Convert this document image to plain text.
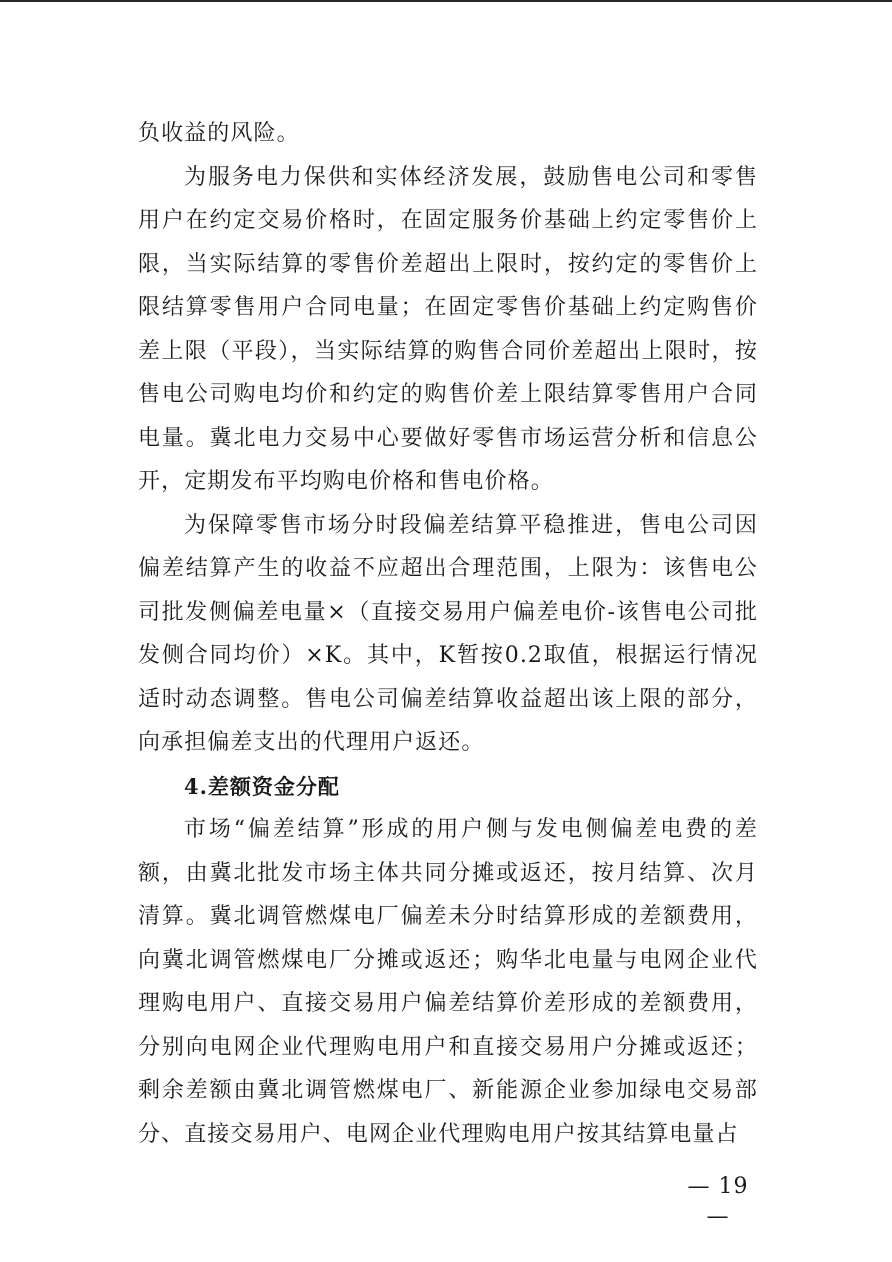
负收益的风险。

为服务电力保供和实体经济发展，鼓励售电公司和零售用户在约定交易价格时，在固定服务价基础上约定零售价上限，当实际结算的零售价差超出上限时，按约定的零售价上限结算零售用户合同电量；在固定零售价基础上约定购售价差上限（平段），当实际结算的购售合同价差超出上限时，按售电公司购电均价和约定的购售价差上限结算零售用户合同电量。冀北电力交易中心要做好零售市场运营分析和信息公开，定期发布平均购电价格和售电价格。

为保障零售市场分时段偏差结算平稳推进，售电公司因偏差结算产生的收益不应超出合理范围，上限为：该售电公司批发侧偏差电量×（直接交易用户偏差电价-该售电公司批发侧合同均价）×K。其中，K暂按0.2取值，根据运行情况适时动态调整。售电公司偏差结算收益超出该上限的部分，向承担偏差支出的代理用户返还。

4.差额资金分配

市场“偏差结算”形成的用户侧与发电侧偏差电费的差额，由冀北批发市场主体共同分摊或返还，按月结算、次月清算。冀北调管燃煤电厂偏差未分时结算形成的差额费用，向冀北调管燃煤电厂分摊或返还；购华北电量与电网企业代理购电用户、直接交易用户偏差结算价差形成的差额费用，分别向电网企业代理购电用户和直接交易用户分摊或返还；剩余差额由冀北调管燃煤电厂、新能源企业参加绿电交易部分、直接交易用户、电网企业代理购电用户按其结算电量占

— 19 —
